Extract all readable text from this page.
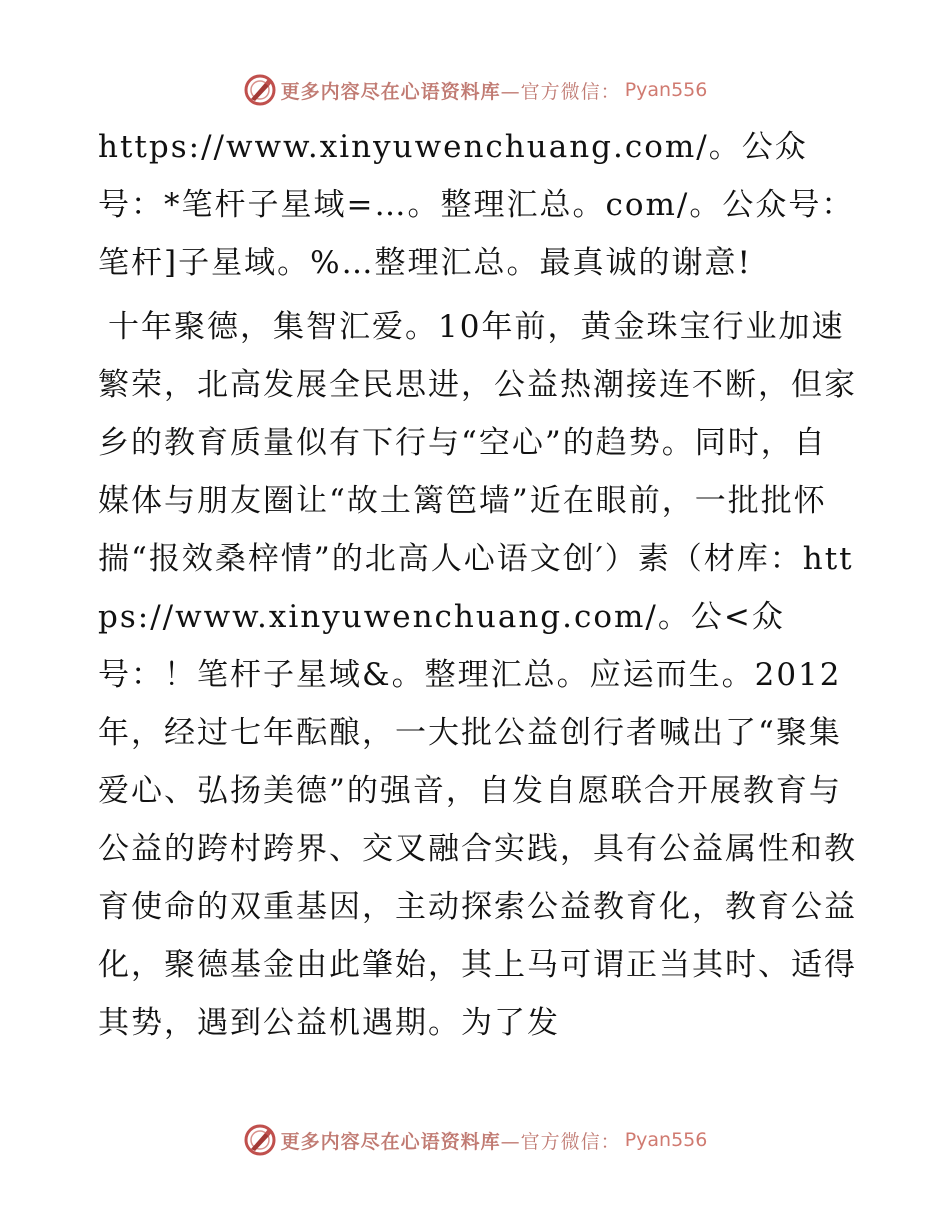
更多内容尽在心语资料库 —官方微信： Pyan556

https://www.xinyuwenchuang.com/。公众号：*笔杆子星域=…。整理汇总。com/。公众号：笔杆]子星域。%…整理汇总。最真诚的谢意!

十年聚德，集智汇爱。10年前，黄金珠宝行业加速繁荣，北高发展全民思进，公益热潮接连不断，但家乡的教育质量似有下行与“空心”的趋势。同时，自媒体与朋友圈让“故土篱笆墙”近在眼前，一批批怀揣“报效桑梓情”的北高人心语文创′）素（材库：https://www.xinyuwenchuang.com/。公<众号：！笔杆子星域&。整理汇总。应运而生。2012年，经过七年酝酿，一大批公益创行者喊出了“聚集爱心、弘扬美德”的强音，自发自愿联合开展教育与公益的跨村跨界、交叉融合实践，具有公益属性和教育使命的双重基因，主动探索公益教育化，教育公益化，聚德基金由此肇始，其上马可谓正当其时、适得其势，遇到公益机遇期。为了发

更多内容尽在心语资料库 —官方微信： Pyan556
